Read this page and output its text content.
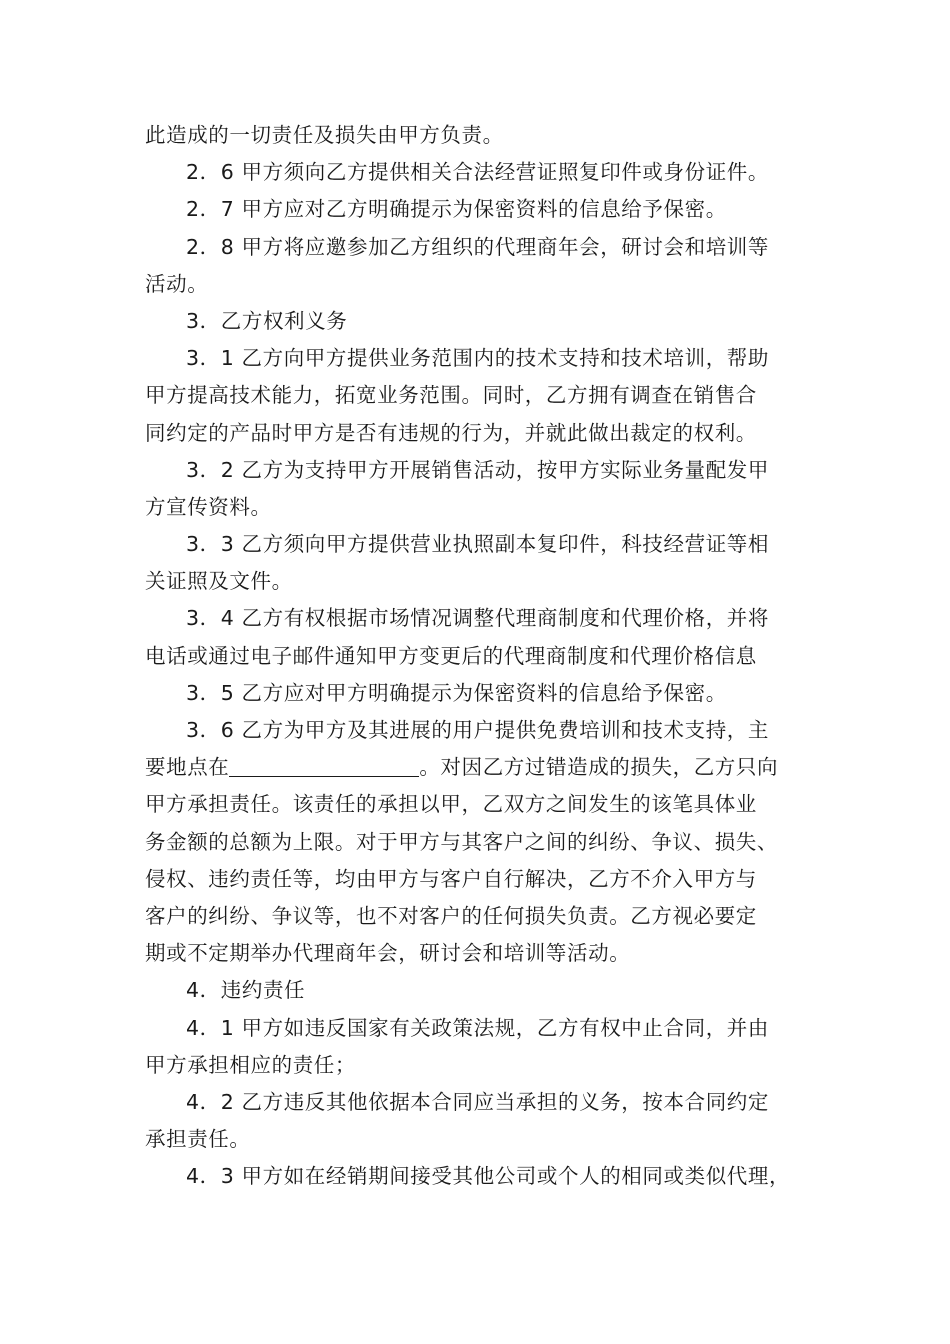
此造成的一切责任及损失由甲方负责。
2．6 甲方须向乙方提供相关合法经营证照复印件或身份证件。
2．7 甲方应对乙方明确提示为保密资料的信息给予保密。
2．8 甲方将应邀参加乙方组织的代理商年会，研讨会和培训等
活动。
3．乙方权利义务
3．1 乙方向甲方提供业务范围内的技术支持和技术培训，帮助
甲方提高技术能力，拓宽业务范围。同时，乙方拥有调查在销售合
同约定的产品时甲方是否有违规的行为，并就此做出裁定的权利。
3．2 乙方为支持甲方开展销售活动，按甲方实际业务量配发甲
方宣传资料。
3．3 乙方须向甲方提供营业执照副本复印件，科技经营证等相
关证照及文件。
3．4 乙方有权根据市场情况调整代理商制度和代理价格，并将
电话或通过电子邮件通知甲方变更后的代理商制度和代理价格信息
3．5 乙方应对甲方明确提示为保密资料的信息给予保密。
3．6 乙方为甲方及其进展的用户提供免费培训和技术支持，主
要地点在	。对因乙方过错造成的损失，乙方只向
甲方承担责任。该责任的承担以甲，乙双方之间发生的该笔具体业
务金额的总额为上限。对于甲方与其客户之间的纠纷、争议、损失、
侵权、违约责任等，均由甲方与客户自行解决，乙方不介入甲方与
客户的纠纷、争议等，也不对客户的任何损失负责。乙方视必要定
期或不定期举办代理商年会，研讨会和培训等活动。
4．违约责任
4．1 甲方如违反国家有关政策法规，乙方有权中止合同，并由
甲方承担相应的责任；
4．2 乙方违反其他依据本合同应当承担的义务，按本合同约定
承担责任。
4．3 甲方如在经销期间接受其他公司或个人的相同或类似代理，
